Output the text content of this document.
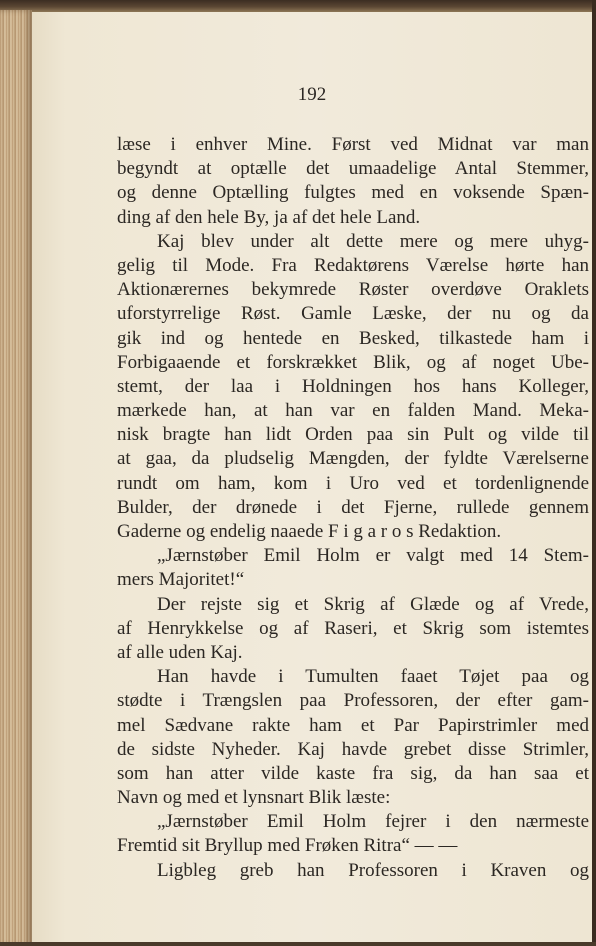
192
læse i enhver Mine. Først ved Midnat var man
begyndt at optælle det umaadelige Antal Stemmer,
og denne Optælling fulgtes med en voksende Spæn-
ding af den hele By, ja af det hele Land.
Kaj blev under alt dette mere og mere uhyg-
gelig til Mode. Fra Redaktørens Værelse hørte han
Aktionærernes bekymrede Røster overdøve Oraklets
uforstyrrelige Røst. Gamle Læske, der nu og da
gik ind og hentede en Besked, tilkastede ham i
Forbigaaende et forskrækket Blik, og af noget Ube-
stemt, der laa i Holdningen hos hans Kolleger,
mærkede han, at han var en falden Mand. Meka-
nisk bragte han lidt Orden paa sin Pult og vilde til
at gaa, da pludselig Mængden, der fyldte Værelserne
rundt om ham, kom i Uro ved et tordenlignende
Bulder, der drønede i det Fjerne, rullede gennem
Gaderne og endelig naaede F i g a r o s Redaktion.
„Jærnstøber Emil Holm er valgt med 14 Stem-
mers Majoritet!“
Der rejste sig et Skrig af Glæde og af Vrede,
af Henrykkelse og af Raseri, et Skrig som istemtes
af alle uden Kaj.
Han havde i Tumulten faaet Tøjet paa og
stødte i Trængslen paa Professoren, der efter gam-
mel Sædvane rakte ham et Par Papirstrimler med
de sidste Nyheder. Kaj havde grebet disse Strimler,
som han atter vilde kaste fra sig, da han saa et
Navn og med et lynsnart Blik læste:
„Jærnstøber Emil Holm fejrer i den nærmeste
Fremtid sit Bryllup med Frøken Ritra“ — —
Ligbleg greb han Professoren i Kraven og
